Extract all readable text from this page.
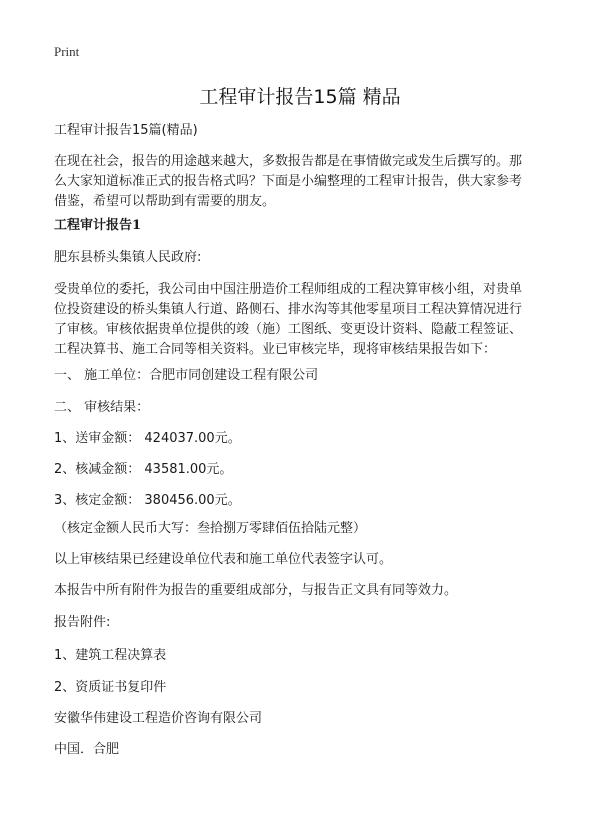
Print
工程审计报告15篇 精品
工程审计报告15篇(精品)
在现在社会，报告的用途越来越大，多数报告都是在事情做完或发生后撰写的。那
么大家知道标准正式的报告格式吗？下面是小编整理的工程审计报告，供大家参考
借鉴，希望可以帮助到有需要的朋友。
工程审计报告1
肥东县桥头集镇人民政府:
受贵单位的委托，我公司由中国注册造价工程师组成的工程决算审核小组，对贵单
位投资建设的桥头集镇人行道、路侧石、排水沟等其他零星项目工程决算情况进行
了审核。审核依据贵单位提供的竣（施）工图纸、变更设计资料、隐蔽工程签证、
工程决算书、施工合同等相关资料。业已审核完毕，现将审核结果报告如下：
一、 施工单位：合肥市同创建设工程有限公司
二、 审核结果：
1、送审金额： 424037.00元。
2、核减金额： 43581.00元。
3、核定金额： 380456.00元。
（核定金额人民币大写：叁拾捌万零肆佰伍拾陆元整）
以上审核结果已经建设单位代表和施工单位代表签字认可。
本报告中所有附件为报告的重要组成部分，与报告正文具有同等效力。
报告附件:
1、建筑工程决算表
2、资质证书复印件
安徽华伟建设工程造价咨询有限公司
中国．合肥
